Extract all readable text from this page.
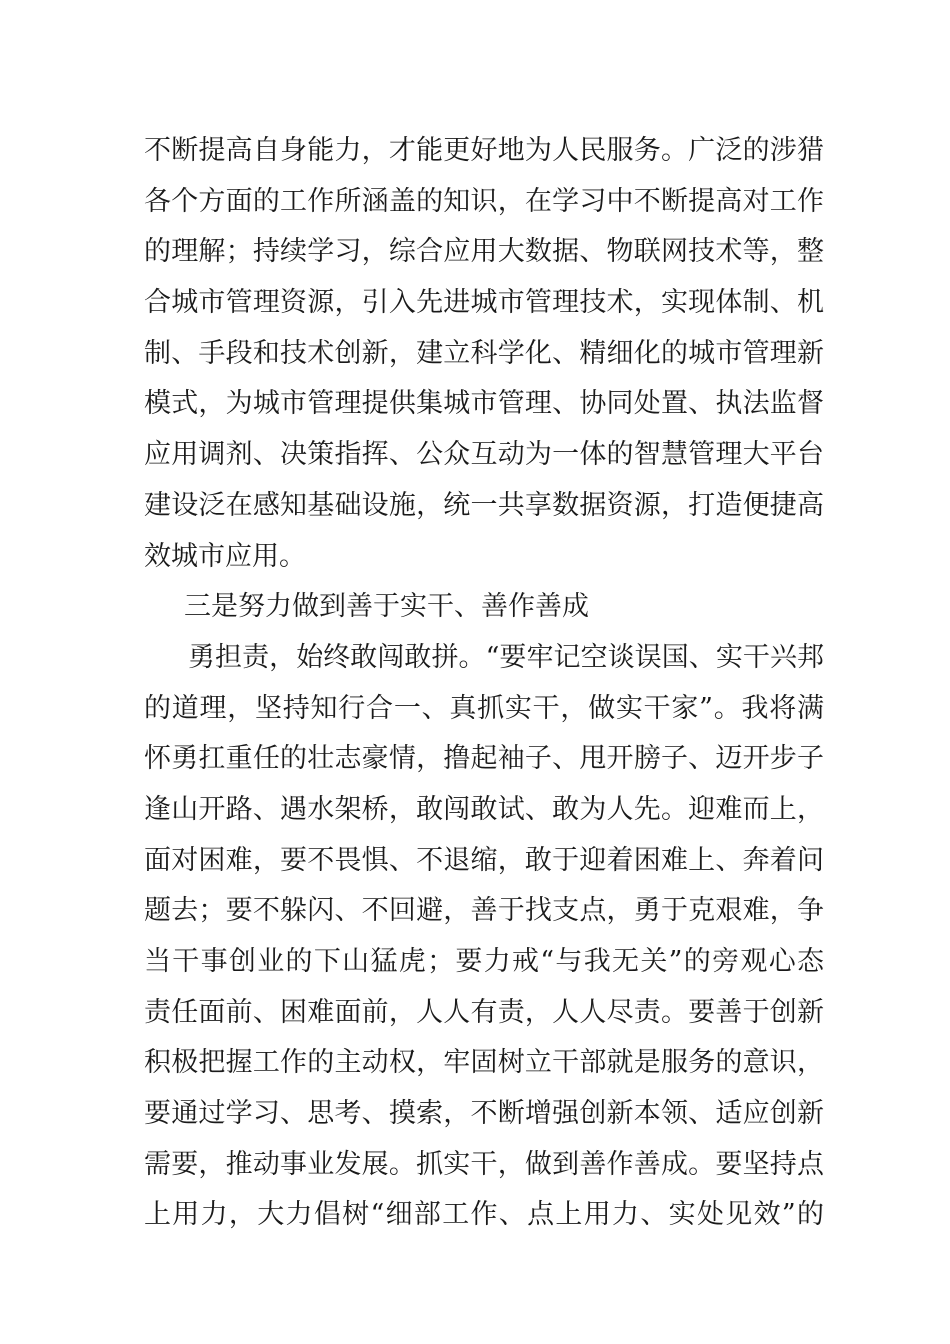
不断提高自身能力，才能更好地为人民服务。广泛的涉猎
各个方面的工作所涵盖的知识，在学习中不断提高对工作
的理解；持续学习，综合应用大数据、物联网技术等，整
合城市管理资源，引入先进城市管理技术，实现体制、机
制、手段和技术创新，建立科学化、精细化的城市管理新
模式，为城市管理提供集城市管理、协同处置、执法监督
应用调剂、决策指挥、公众互动为一体的智慧管理大平台
建设泛在感知基础设施，统一共享数据资源，打造便捷高
效城市应用。
三是努力做到善于实干、善作善成
勇担责，始终敢闯敢拼。“要牢记空谈误国、实干兴邦
的道理，坚持知行合一、真抓实干，做实干家”。我将满
怀勇扛重任的壮志豪情，撸起袖子、甩开膀子、迈开步子
逢山开路、遇水架桥，敢闯敢试、敢为人先。迎难而上，
面对困难，要不畏惧、不退缩，敢于迎着困难上、奔着问
题去；要不躲闪、不回避，善于找支点，勇于克艰难，争
当干事创业的下山猛虎；要力戒“与我无关”的旁观心态
责任面前、困难面前，人人有责，人人尽责。要善于创新
积极把握工作的主动权，牢固树立干部就是服务的意识，
要通过学习、思考、摸索，不断增强创新本领、适应创新
需要，推动事业发展。抓实干，做到善作善成。要坚持点
上用力，大力倡树“细部工作、点上用力、实处见效”的
